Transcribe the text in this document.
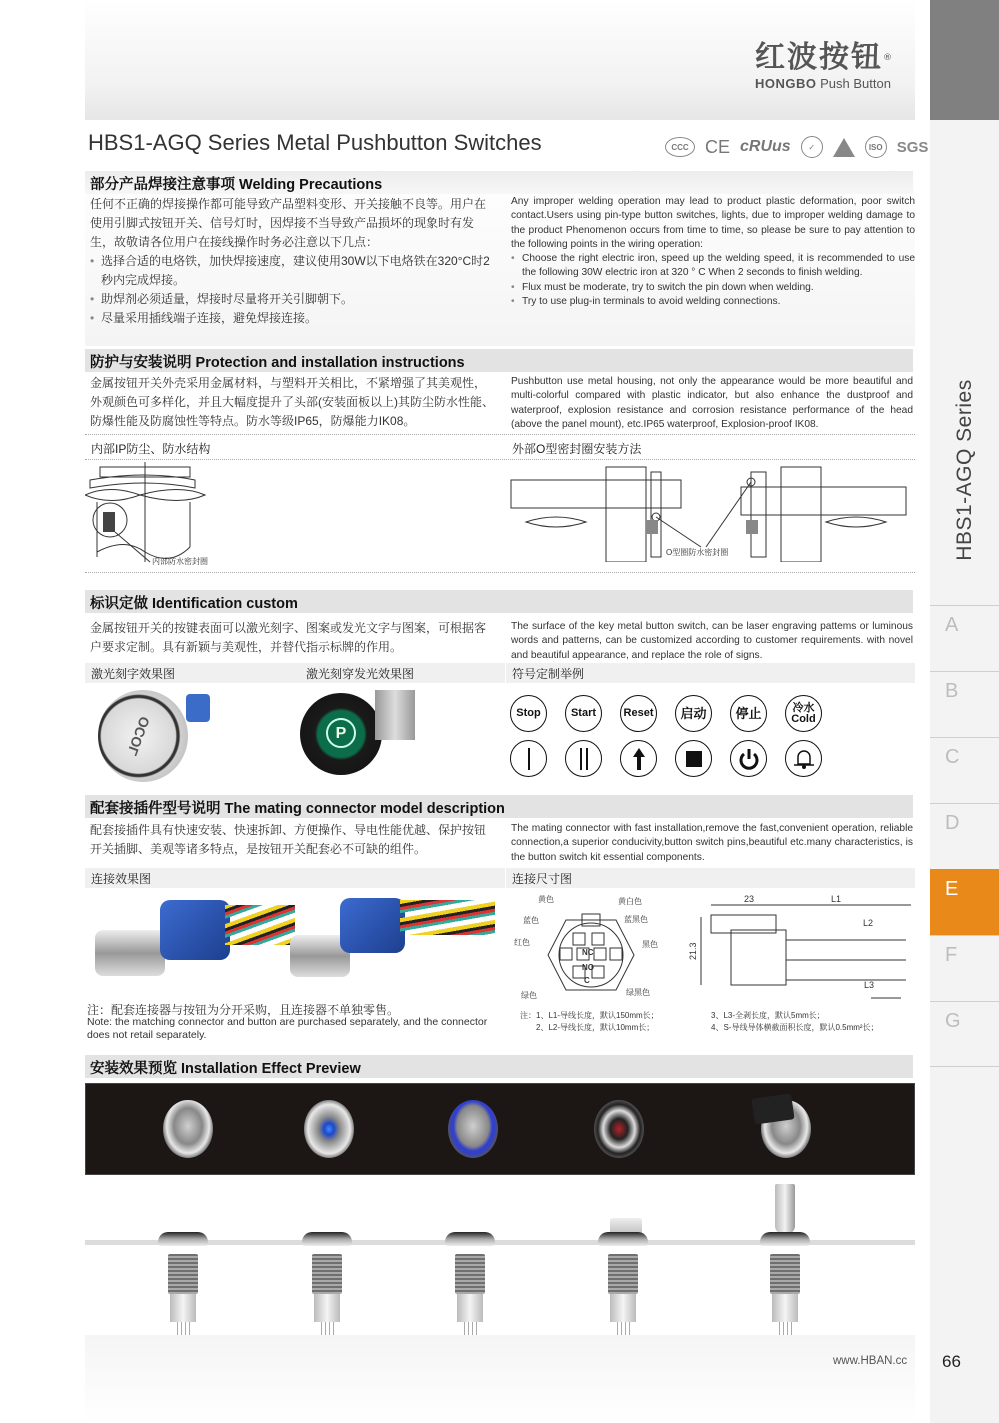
红波按钮®
HONGBO Push Button
HBS1-AGQ Series
A
B
C
D
E
F
G
HBS1-AGQ Series Metal Pushbutton Switches	CCC CE cRUus	✓	ISO SGS
部分产品焊接注意事项 Welding Precautions

任何不正确的焊接操作都可能导致产品塑料变形、开关接触不良等。用户在使用引脚式按钮开关、信号灯时，因焊接不当导致产品损坏的现象时有发生，故敬请各位用户在接线操作时务必注意以下几点：

• 选择合适的电烙铁，加快焊接速度，建议使用30W以下电烙铁在320°C时2秒内完成焊接。
• 助焊剂必须适量，焊接时尽量将开关引脚朝下。
• 尽量采用插线端子连接，避免焊接连接。

Any improper welding operation may lead to product plastic deformation, poor switch contact.Users using pin-type button switches, lights, due to improper welding damage to the product Phenomenon occurs from time to time, so please be sure to pay attention to the following points in the wiring operation:

• Choose the right electric iron, speed up the welding speed, it is recommended to use the following 30W electric iron at 320 ° C When 2 seconds to finish welding.
• Flux must be moderate, try to switch the pin down when welding.
• Try to use plug-in terminals to avoid welding connections.
防护与安装说明 Protection and installation instructions

金属按钮开关外壳采用金属材料，与塑料开关相比，不紧增强了其美观性，外观颜色可多样化，并且大幅度提升了头部(安装面板以上)其防尘防水性能、防爆性能及防腐蚀性等特点。防水等级IP65，防爆能力IK08。

Pushbutton use metal housing, not only the appearance would be more beautiful and multi-colorful compared with plastic indicator, but also enhance the dustproof and waterproof, explosion resistance and corrosion resistance performance of the head (above the panel mount), etc.IP65 waterproof, Explosion-proof IK08.

内部IP防尘、防水结构	外部O型密封圈安装方法
内部防水密封圈
O型圈防水密封圈
标识定做 Identification custom

金属按钮开关的按键表面可以激光刻字、图案或发光文字与图案，可根据客户要求定制。具有新颖与美观性，并替代指示标牌的作用。

The surface of the key metal button switch, can be laser engraving pattems or luminous words and patterns, can be customized according to customer requirements. with novel and beautiful appearance, and replace the role of signs.

激光刻字效果图	激光刻穿发光效果图	符号定制举例
OCOL	P
Stop	Start	Reset	启动	停止	冷水 Cold
配套接插件型号说明 The mating connector model description

配套接插件具有快速安装、快速拆卸、方便操作、导电性能优越、保护按钮开关插脚、美观等诸多特点，是按钮开关配套必不可缺的组件。

The mating connector with fast installation,remove the fast,convenient operation, reliable connection,a superior conducivity,button switch pins,beautiful etc.many characteristics, is the button switch kit essential components.

连接效果图	连接尺寸图
黄色	黄白色
蓝色	蓝黑色
红色	黑色
绿色	绿黑色
NC
NO
C
23	L1
L2
L3
21.3
注：1、L1-导线长度，默认150mm长；
2、L2-导线长度，默认10mm长；
3、L3-全剥长度，默认5mm长；
4、S-导线导体横截面积长度，默认0.5mm²长；

注：配套连接器与按钮为分开采购，且连接器不单独零售。

Note: the matching connector and button are purchased separately, and the connector does not retail separately.

安装效果预览 Installation Effect Preview
www.HBAN.cc 66
